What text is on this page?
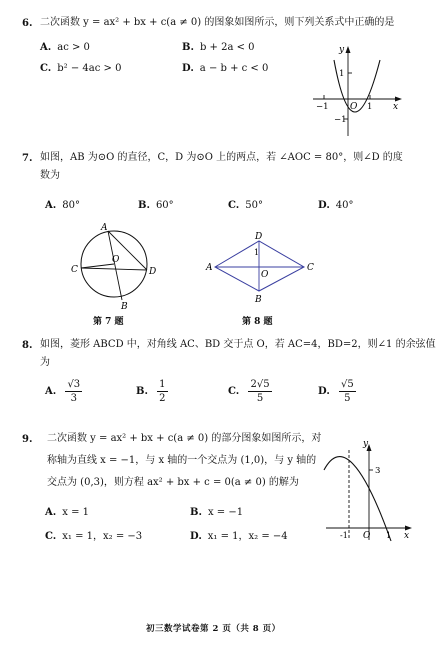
6. 二次函数 y = ax² + bx + c(a ≠ 0) 的图象如图所示，则下列关系式中正确的是
A. ac > 0	B. b + 2a < 0
C. b² − 4ac > 0	D. a − b + c < 0
y
x
1
−1 O 1
−1
7. 如图，AB 为⊙O 的直径，C，D 为⊙O 上的两点，若 ∠AOC = 80°，则∠D 的度
数为
A. 80°	B. 60°	C. 50°	D. 40°
A
O
C	D
B
第 7 题
A
D
C
B
O
1
第 8 题
8. 如图，菱形 ABCD 中，对角线 AC、BD 交于点 O，若 AC=4，BD=2，则∠1 的余弦值
为
A. $\frac{√3}{3}$	B. $\frac{1}{2}$	C. $\frac{2√5}{5}$	D. $\frac{√5}{5}$
9. 二次函数 y = ax² + bx + c(a ≠ 0) 的部分图象如图所示，对
称轴为直线 x = −1，与 x 轴的一个交点为 (1,0)，与 y 轴的
交点为 (0,3)，则方程 ax² + bx + c = 0(a ≠ 0) 的解为
A. x = 1	B. x = −1
C. x₁ = 1，x₂ = −3	D. x₁ = 1，x₂ = −4
y
x
3
-1 O 1
初三数学试卷第 2 页（共 8 页）
